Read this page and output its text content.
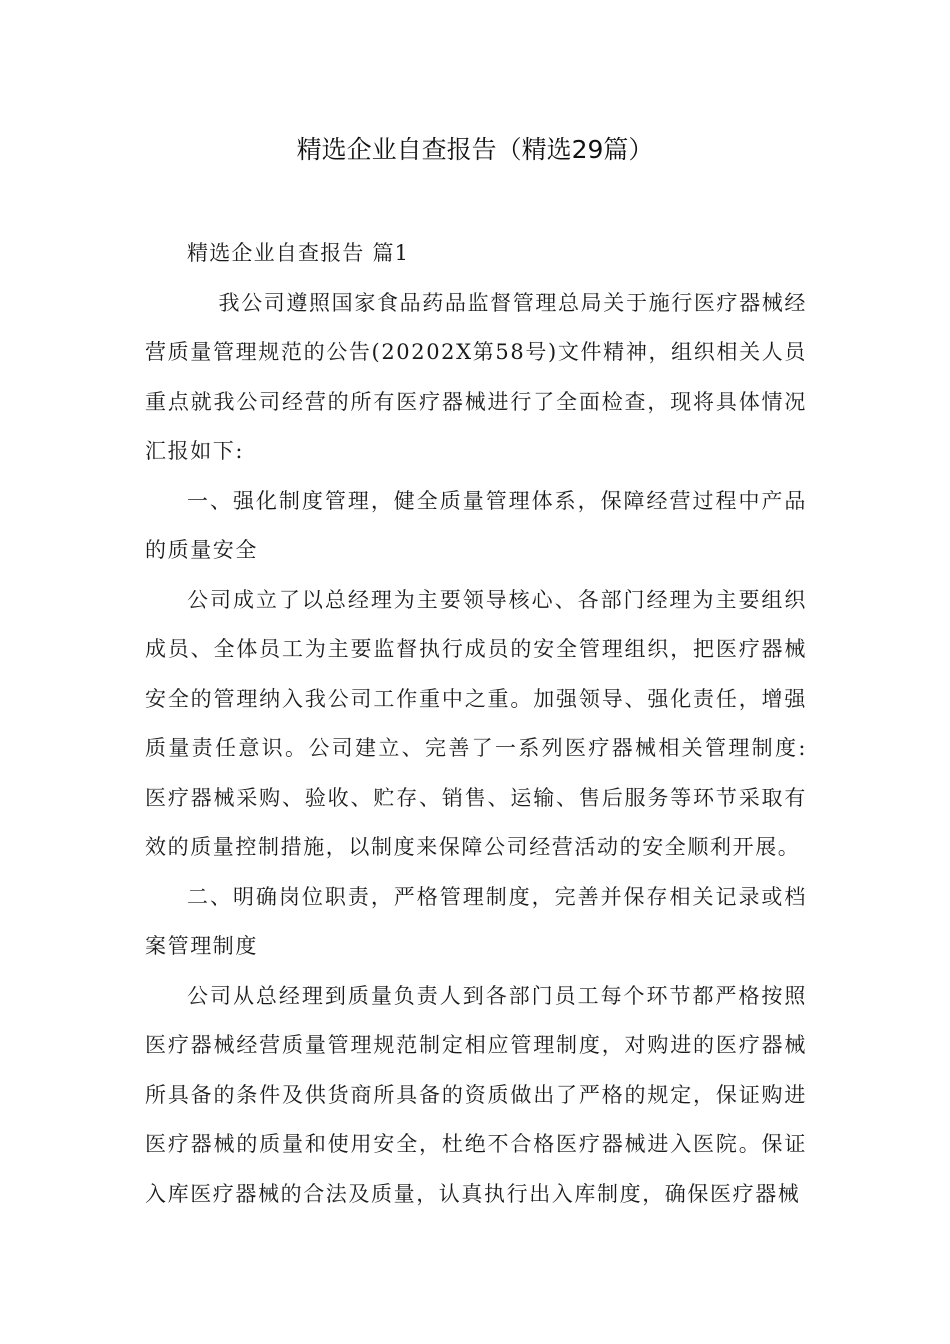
精选企业自查报告（精选29篇）

精选企业自查报告 篇1

我公司遵照国家食品药品监督管理总局关于施行医疗器械经营质量管理规范的公告(20202X第58号)文件精神，组织相关人员重点就我公司经营的所有医疗器械进行了全面检查，现将具体情况汇报如下:

一、强化制度管理，健全质量管理体系，保障经营过程中产品的质量安全

公司成立了以总经理为主要领导核心、各部门经理为主要组织成员、全体员工为主要监督执行成员的安全管理组织，把医疗器械安全的管理纳入我公司工作重中之重。加强领导、强化责任，增强质量责任意识。公司建立、完善了一系列医疗器械相关管理制度:医疗器械采购、验收、贮存、销售、运输、售后服务等环节采取有效的质量控制措施，以制度来保障公司经营活动的安全顺利开展。

二、明确岗位职责，严格管理制度，完善并保存相关记录或档案管理制度

公司从总经理到质量负责人到各部门员工每个环节都严格按照医疗器械经营质量管理规范制定相应管理制度，对购进的医疗器械所具备的条件及供货商所具备的资质做出了严格的规定，保证购进医疗器械的质量和使用安全，杜绝不合格医疗器械进入医院。保证入库医疗器械的合法及质量，认真执行出入库制度，确保医疗器械
